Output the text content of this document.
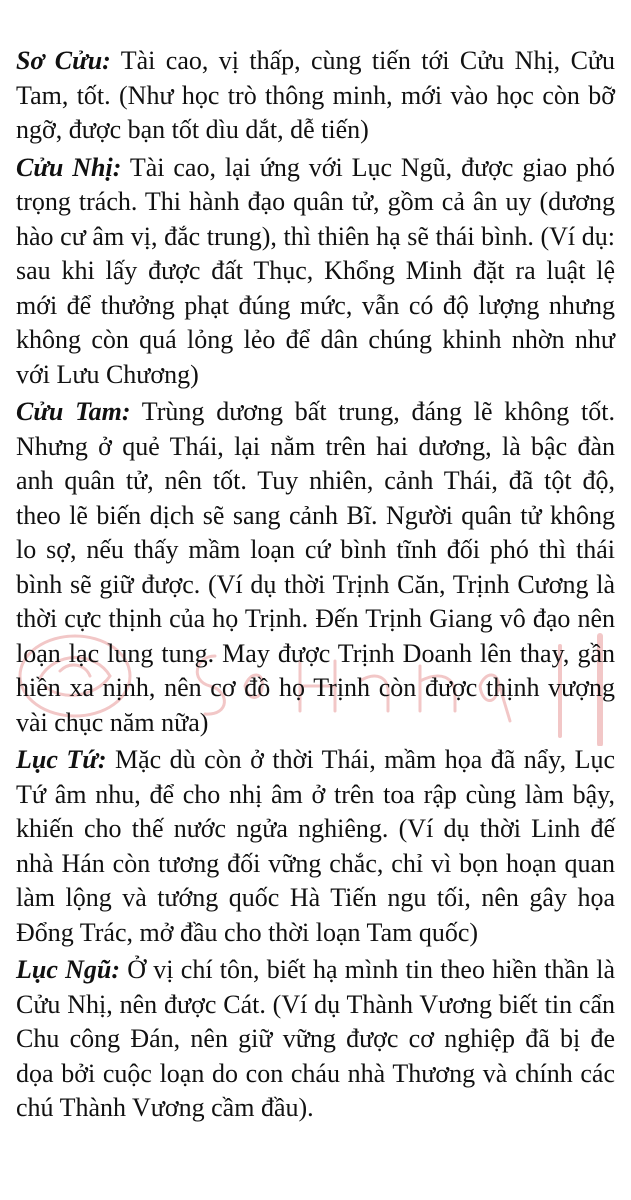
Sơ Cửu: Tài cao, vị thấp, cùng tiến tới Cửu Nhị, Cửu Tam, tốt. (Như học trò thông minh, mới vào học còn bỡ ngỡ, được bạn tốt dìu dắt, dễ tiến)

Cửu Nhị: Tài cao, lại ứng với Lục Ngũ, được giao phó trọng trách. Thi hành đạo quân tử, gồm cả ân uy (dương hào cư âm vị, đắc trung), thì thiên hạ sẽ thái bình. (Ví dụ: sau khi lấy được đất Thục, Khổng Minh đặt ra luật lệ mới để thưởng phạt đúng mức, vẫn có độ lượng nhưng không còn quá lỏng lẻo để dân chúng khinh nhờn như với Lưu Chương)

Cửu Tam: Trùng dương bất trung, đáng lẽ không tốt. Nhưng ở quẻ Thái, lại nằm trên hai dương, là bậc đàn anh quân tử, nên tốt. Tuy nhiên, cảnh Thái, đã tột độ, theo lẽ biến dịch sẽ sang cảnh Bĩ. Người quân tử không lo sợ, nếu thấy mầm loạn cứ bình tĩnh đối phó thì thái bình sẽ giữ được. (Ví dụ thời Trịnh Căn, Trịnh Cương là thời cực thịnh của họ Trịnh. Đến Trịnh Giang vô đạo nên loạn lạc lung tung. May được Trịnh Doanh lên thay, gần hiền xa nịnh, nên cơ đồ họ Trịnh còn được thịnh vượng vài chục năm nữa)

Lục Tứ: Mặc dù còn ở thời Thái, mầm họa đã nẩy, Lục Tứ âm nhu, để cho nhị âm ở trên toa rập cùng làm bậy, khiến cho thế nước ngửa nghiêng. (Ví dụ thời Linh đế nhà Hán còn tương đối vững chắc, chỉ vì bọn hoạn quan làm lộng và tướng quốc Hà Tiến ngu tối, nên gây họa Đổng Trác, mở đầu cho thời loạn Tam quốc)

Lục Ngũ: Ở vị chí tôn, biết hạ mình tin theo hiền thần là Cửu Nhị, nên được Cát. (Ví dụ Thành Vương biết tin cẩn Chu công Đán, nên giữ vững được cơ nghiệp đã bị đe dọa bởi cuộc loạn do con cháu nhà Thương và chính các chú Thành Vương cầm đầu).
